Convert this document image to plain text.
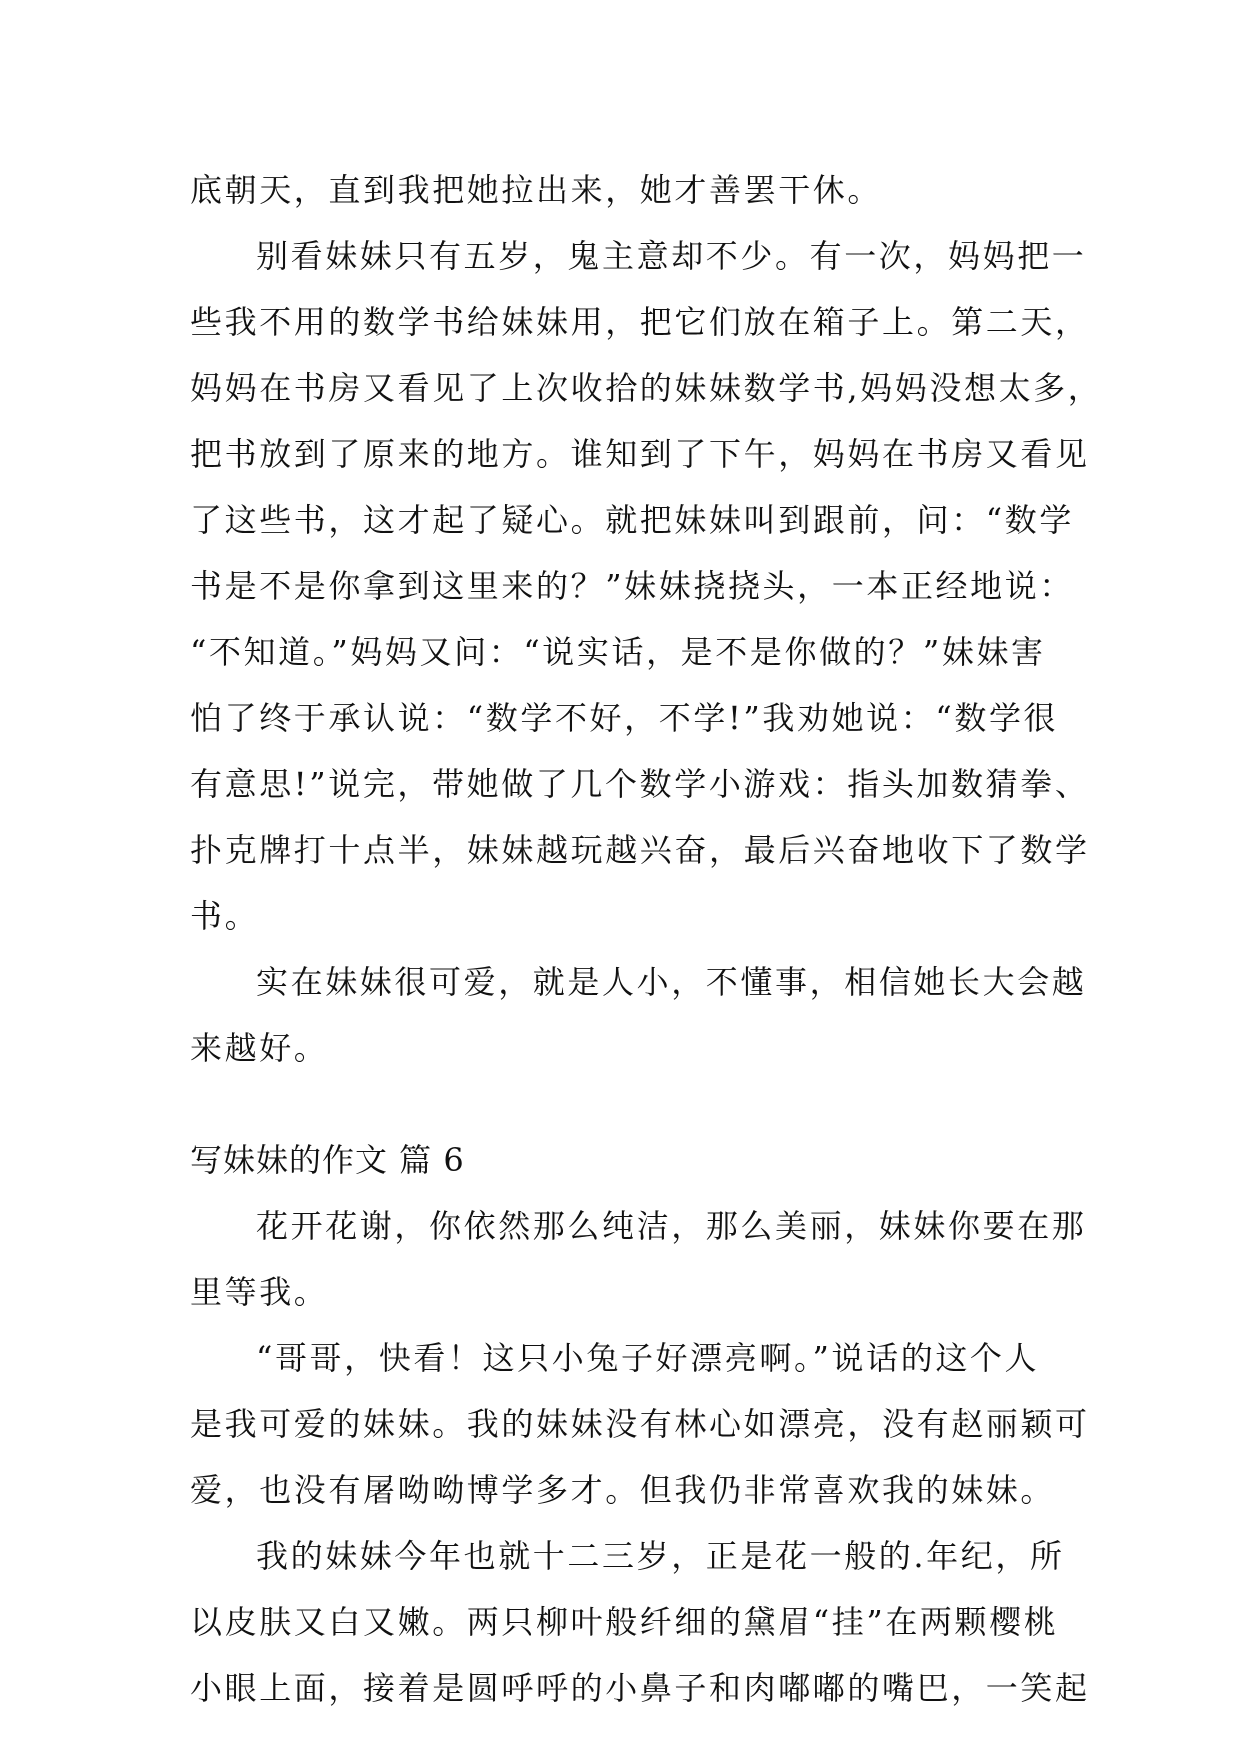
底朝天，直到我把她拉出来，她才善罢干休。
别看妹妹只有五岁，鬼主意却不少。有一次，妈妈把一
些我不用的数学书给妹妹用，把它们放在箱子上。第二天，
妈妈在书房又看见了上次收拾的妹妹数学书,妈妈没想太多，
把书放到了原来的地方。谁知到了下午，妈妈在书房又看见
了这些书，这才起了疑心。就把妹妹叫到跟前，问：“数学
书是不是你拿到这里来的？”妹妹挠挠头，一本正经地说：
“不知道。”妈妈又问：“说实话，是不是你做的？”妹妹害
怕了终于承认说：“数学不好，不学!”我劝她说：“数学很
有意思!”说完，带她做了几个数学小游戏：指头加数猜拳、
扑克牌打十点半，妹妹越玩越兴奋，最后兴奋地收下了数学
书。
实在妹妹很可爱，就是人小，不懂事，相信她长大会越
来越好。
写妹妹的作文 篇 6
花开花谢，你依然那么纯洁，那么美丽，妹妹你要在那
里等我。
“哥哥，快看！这只小兔子好漂亮啊。”说话的这个人
是我可爱的妹妹。我的妹妹没有林心如漂亮，没有赵丽颖可
爱，也没有屠呦呦博学多才。但我仍非常喜欢我的妹妹。
我的妹妹今年也就十二三岁，正是花一般的.年纪，所
以皮肤又白又嫩。两只柳叶般纤细的黛眉“挂”在两颗樱桃
小眼上面，接着是圆呼呼的小鼻子和肉嘟嘟的嘴巴，一笑起
